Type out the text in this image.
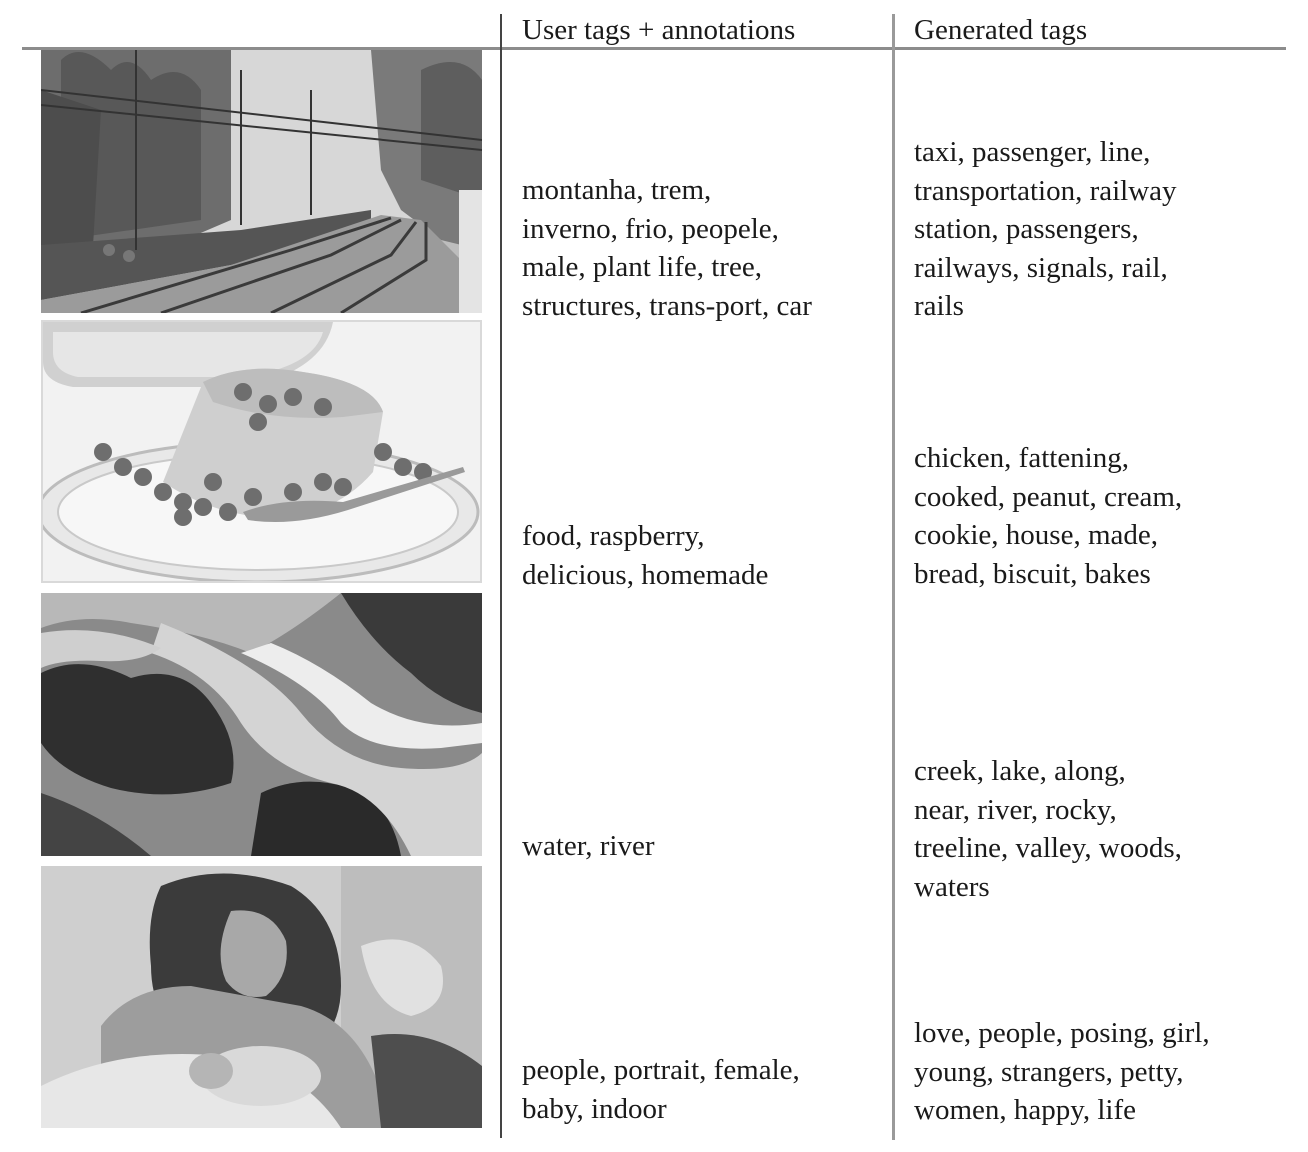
User tags + annotations	Generated tags
montanha, trem,
inverno, frio, peopele,
male, plant life, tree,
structures, trans-port, car
taxi, passenger, line,
transportation, railway
station, passengers,
railways, signals, rail,
rails
food, raspberry,
delicious, homemade
chicken, fattening,
cooked, peanut, cream,
cookie, house, made,
bread, biscuit, bakes
water, river
creek, lake, along,
near, river, rocky,
treeline, valley, woods,
waters
people, portrait, female,
baby, indoor
love, people, posing, girl,
young, strangers, petty,
women, happy, life
